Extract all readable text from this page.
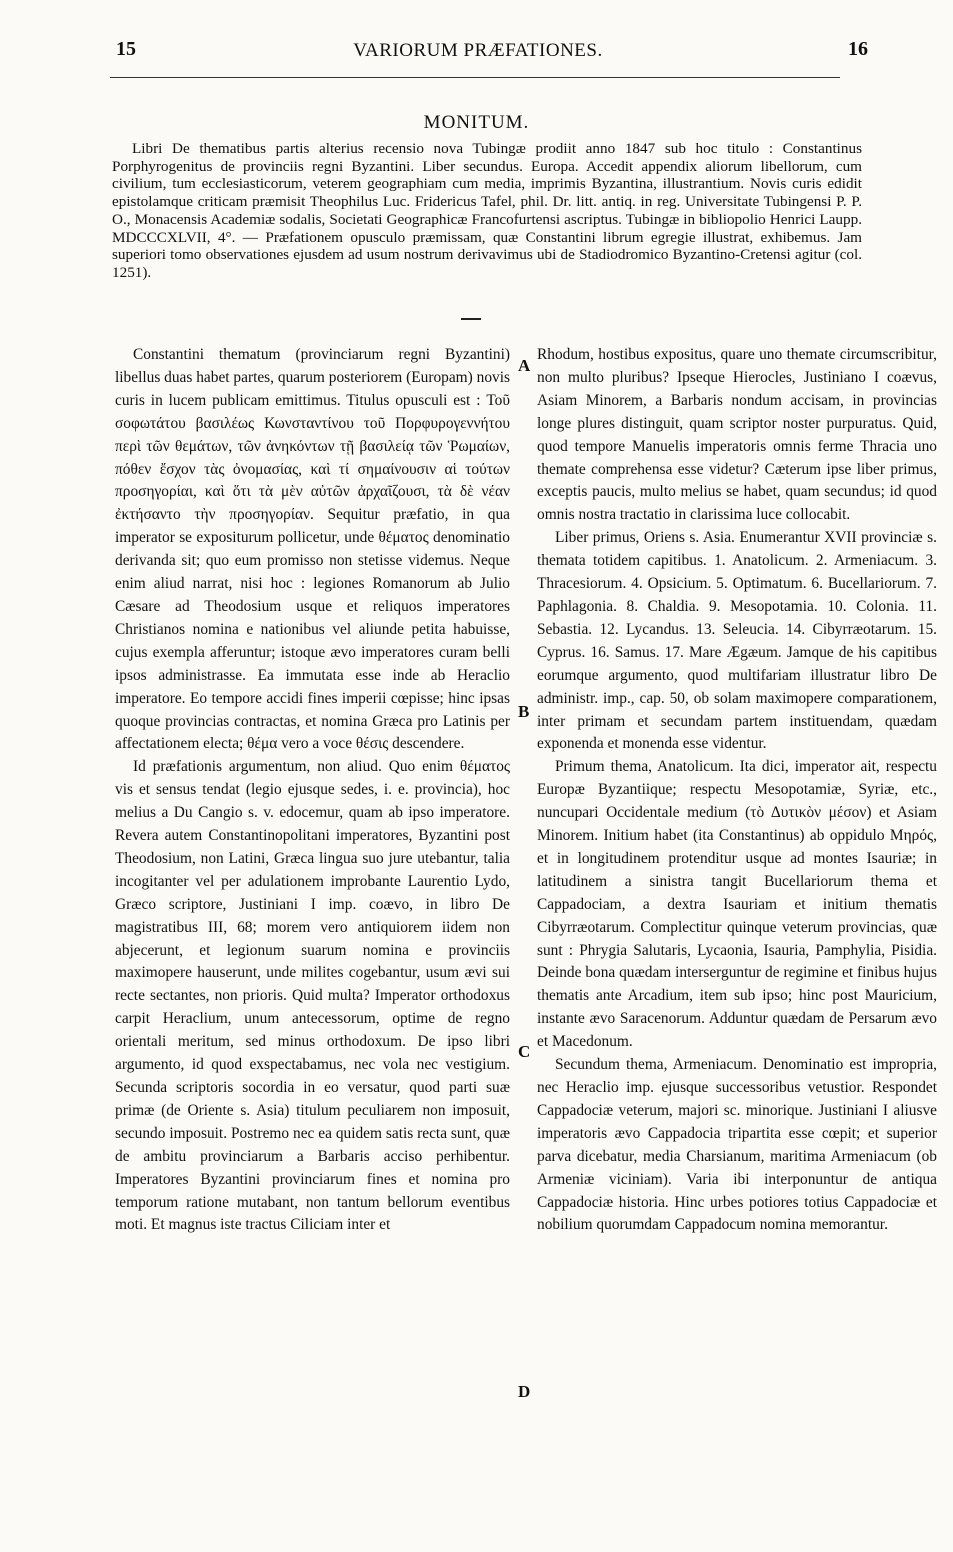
15	VARIORUM PRÆFATIONES.	16
MONITUM.

Libri De thematibus partis alterius recensio nova Tubingæ prodiit anno 1847 sub hoc titulo : Constantinus Porphyrogenitus de provinciis regni Byzantini. Liber secundus. Europa. Accedit appendix aliorum libellorum, cum civilium, tum ecclesiasticorum, veterem geographiam cum media, imprimis Byzantina, illustrantium. Novis curis edidit epistolamque criticam præmisit Theophilus Luc. Fridericus Tafel, phil. Dr. litt. antiq. in reg. Universitate Tubingensi P. P. O., Monacensis Academiæ sodalis, Societati Geographicæ Francofurtensi ascriptus. Tubingæ in bibliopolio Henrici Laupp. MDCCCXLVII, 4°. — Præfationem opusculo præmissam, quæ Constantini librum egregie illustrat, exhibemus. Jam superiori tomo observationes ejusdem ad usum nostrum derivavimus ubi de Stadiodromico Byzantino-Cretensi agitur (col. 1251).

Constantini thematum (provinciarum regni Byzantini) libellus duas habet partes, quarum posteriorem (Europam) novis curis in lucem publicam emittimus. Titulus opusculi est : Τοῦ σοφωτάτου βασιλέως Κωνσταντίνου τοῦ Πορφυρογεννήτου περὶ τῶν θεμάτων, τῶν ἀνηκόντων τῇ βασιλείᾳ τῶν Ῥωμαίων, πόθεν ἔσχον τὰς ὀνομασίας, καὶ τί σημαίνουσιν αἱ τούτων προσηγορίαι, καὶ ὅτι τὰ μὲν αὐτῶν ἀρχαῖζουσι, τὰ δὲ νέαν ἐκτήσαντο τὴν προσηγορίαν. Sequitur præfatio, in qua imperator se expositurum pollicetur, unde θέματος denominatio derivanda sit; quo eum promisso non stetisse videmus. Neque enim aliud narrat, nisi hoc : legiones Romanorum ab Julio Cæsare ad Theodosium usque et reliquos imperatores Christianos nomina e nationibus vel aliunde petita habuisse, cujus exempla afferuntur; istoque ævo imperatores curam belli ipsos administrasse. Ea immutata esse inde ab Heraclio imperatore. Eo tempore accidi fines imperii cœpisse; hinc ipsas quoque provincias contractas, et nomina Græca pro Latinis per affectationem electa; θέμα vero a voce θέσις descendere.

Id præfationis argumentum, non aliud. Quo enim θέματος vis et sensus tendat (legio ejusque sedes, i. e. provincia), hoc melius a Du Cangio s. v. edocemur, quam ab ipso imperatore. Revera autem Constantinopolitani imperatores, Byzantini post Theodosium, non Latini, Græca lingua suo jure utebantur, talia incogitanter vel per adulationem improbante Laurentio Lydo, Græco scriptore, Justiniani I imp. coævo, in libro De magistratibus III, 68; morem vero antiquiorem iidem non abjecerunt, et legionum suarum nomina e provinciis maximopere hauserunt, unde milites cogebantur, usum ævi sui recte sectantes, non prioris. Quid multa? Imperator orthodoxus carpit Heraclium, unum antecessorum, optime de regno orientali meritum, sed minus orthodoxum. De ipso libri argumento, id quod exspectabamus, nec vola nec vestigium. Secunda scriptoris socordia in eo versatur, quod parti suæ primæ (de Oriente s. Asia) titulum peculiarem non imposuit, secundo imposuit. Postremo nec ea quidem satis recta sunt, quæ de ambitu provinciarum a Barbaris acciso perhibentur. Imperatores Byzantini provinciarum fines et nomina pro temporum ratione mutabant, non tantum bellorum eventibus moti. Et magnus iste tractus Ciliciam inter et

Rhodum, hostibus expositus, quare uno themate circumscribitur, non multo pluribus? Ipseque Hierocles, Justiniano I coævus, Asiam Minorem, a Barbaris nondum accisam, in provincias longe plures distinguit, quam scriptor noster purpuratus. Quid, quod tempore Manuelis imperatoris omnis ferme Thracia uno themate comprehensa esse videtur? Cæterum ipse liber primus, exceptis paucis, multo melius se habet, quam secundus; id quod omnis nostra tractatio in clarissima luce collocabit.

Liber primus, Oriens s. Asia. Enumerantur XVII provinciæ s. themata totidem capitibus. 1. Anatolicum. 2. Armeniacum. 3. Thracesiorum. 4. Opsicium. 5. Optimatum. 6. Bucellariorum. 7. Paphlagonia. 8. Chaldia. 9. Mesopotamia. 10. Colonia. 11. Sebastia. 12. Lycandus. 13. Seleucia. 14. Cibyrræotarum. 15. Cyprus. 16. Samus. 17. Mare Ægæum. Jamque de his capitibus eorumque argumento, quod multifariam illustratur libro De administr. imp., cap. 50, ob solam maximopere comparationem, inter primam et secundam partem instituendam, quædam exponenda et monenda esse videntur.

Primum thema, Anatolicum. Ita dici, imperator ait, respectu Europæ Byzantiique; respectu Mesopotamiæ, Syriæ, etc., nuncupari Occidentale medium (τὸ Δυτικὸν μέσον) et Asiam Minorem. Initium habet (ita Constantinus) ab oppidulo Μηρός, et in longitudinem protenditur usque ad montes Isauriæ; in latitudinem a sinistra tangit Bucellariorum thema et Cappadociam, a dextra Isauriam et initium thematis Cibyrræotarum. Complectitur quinque veterum provincias, quæ sunt : Phrygia Salutaris, Lycaonia, Isauria, Pamphylia, Pisidia. Deinde bona quædam interserguntur de regimine et finibus hujus thematis ante Arcadium, item sub ipso; hinc post Mauricium, instante ævo Saracenorum. Adduntur quædam de Persarum ævo et Macedonum.

Secundum thema, Armeniacum. Denominatio est impropria, nec Heraclio imp. ejusque successoribus vetustior. Respondet Cappadociæ veterum, majori sc. minorique. Justiniani I aliusve imperatoris ævo Cappadocia tripartita esse cœpit; et superior parva dicebatur, media Charsianum, maritima Armeniacum (ob Armeniæ viciniam). Varia ibi interponuntur de antiqua Cappadociæ historia. Hinc urbes potiores totius Cappadociæ et nobilium quorumdam Cappadocum nomina memorantur.

A
B
C
D
